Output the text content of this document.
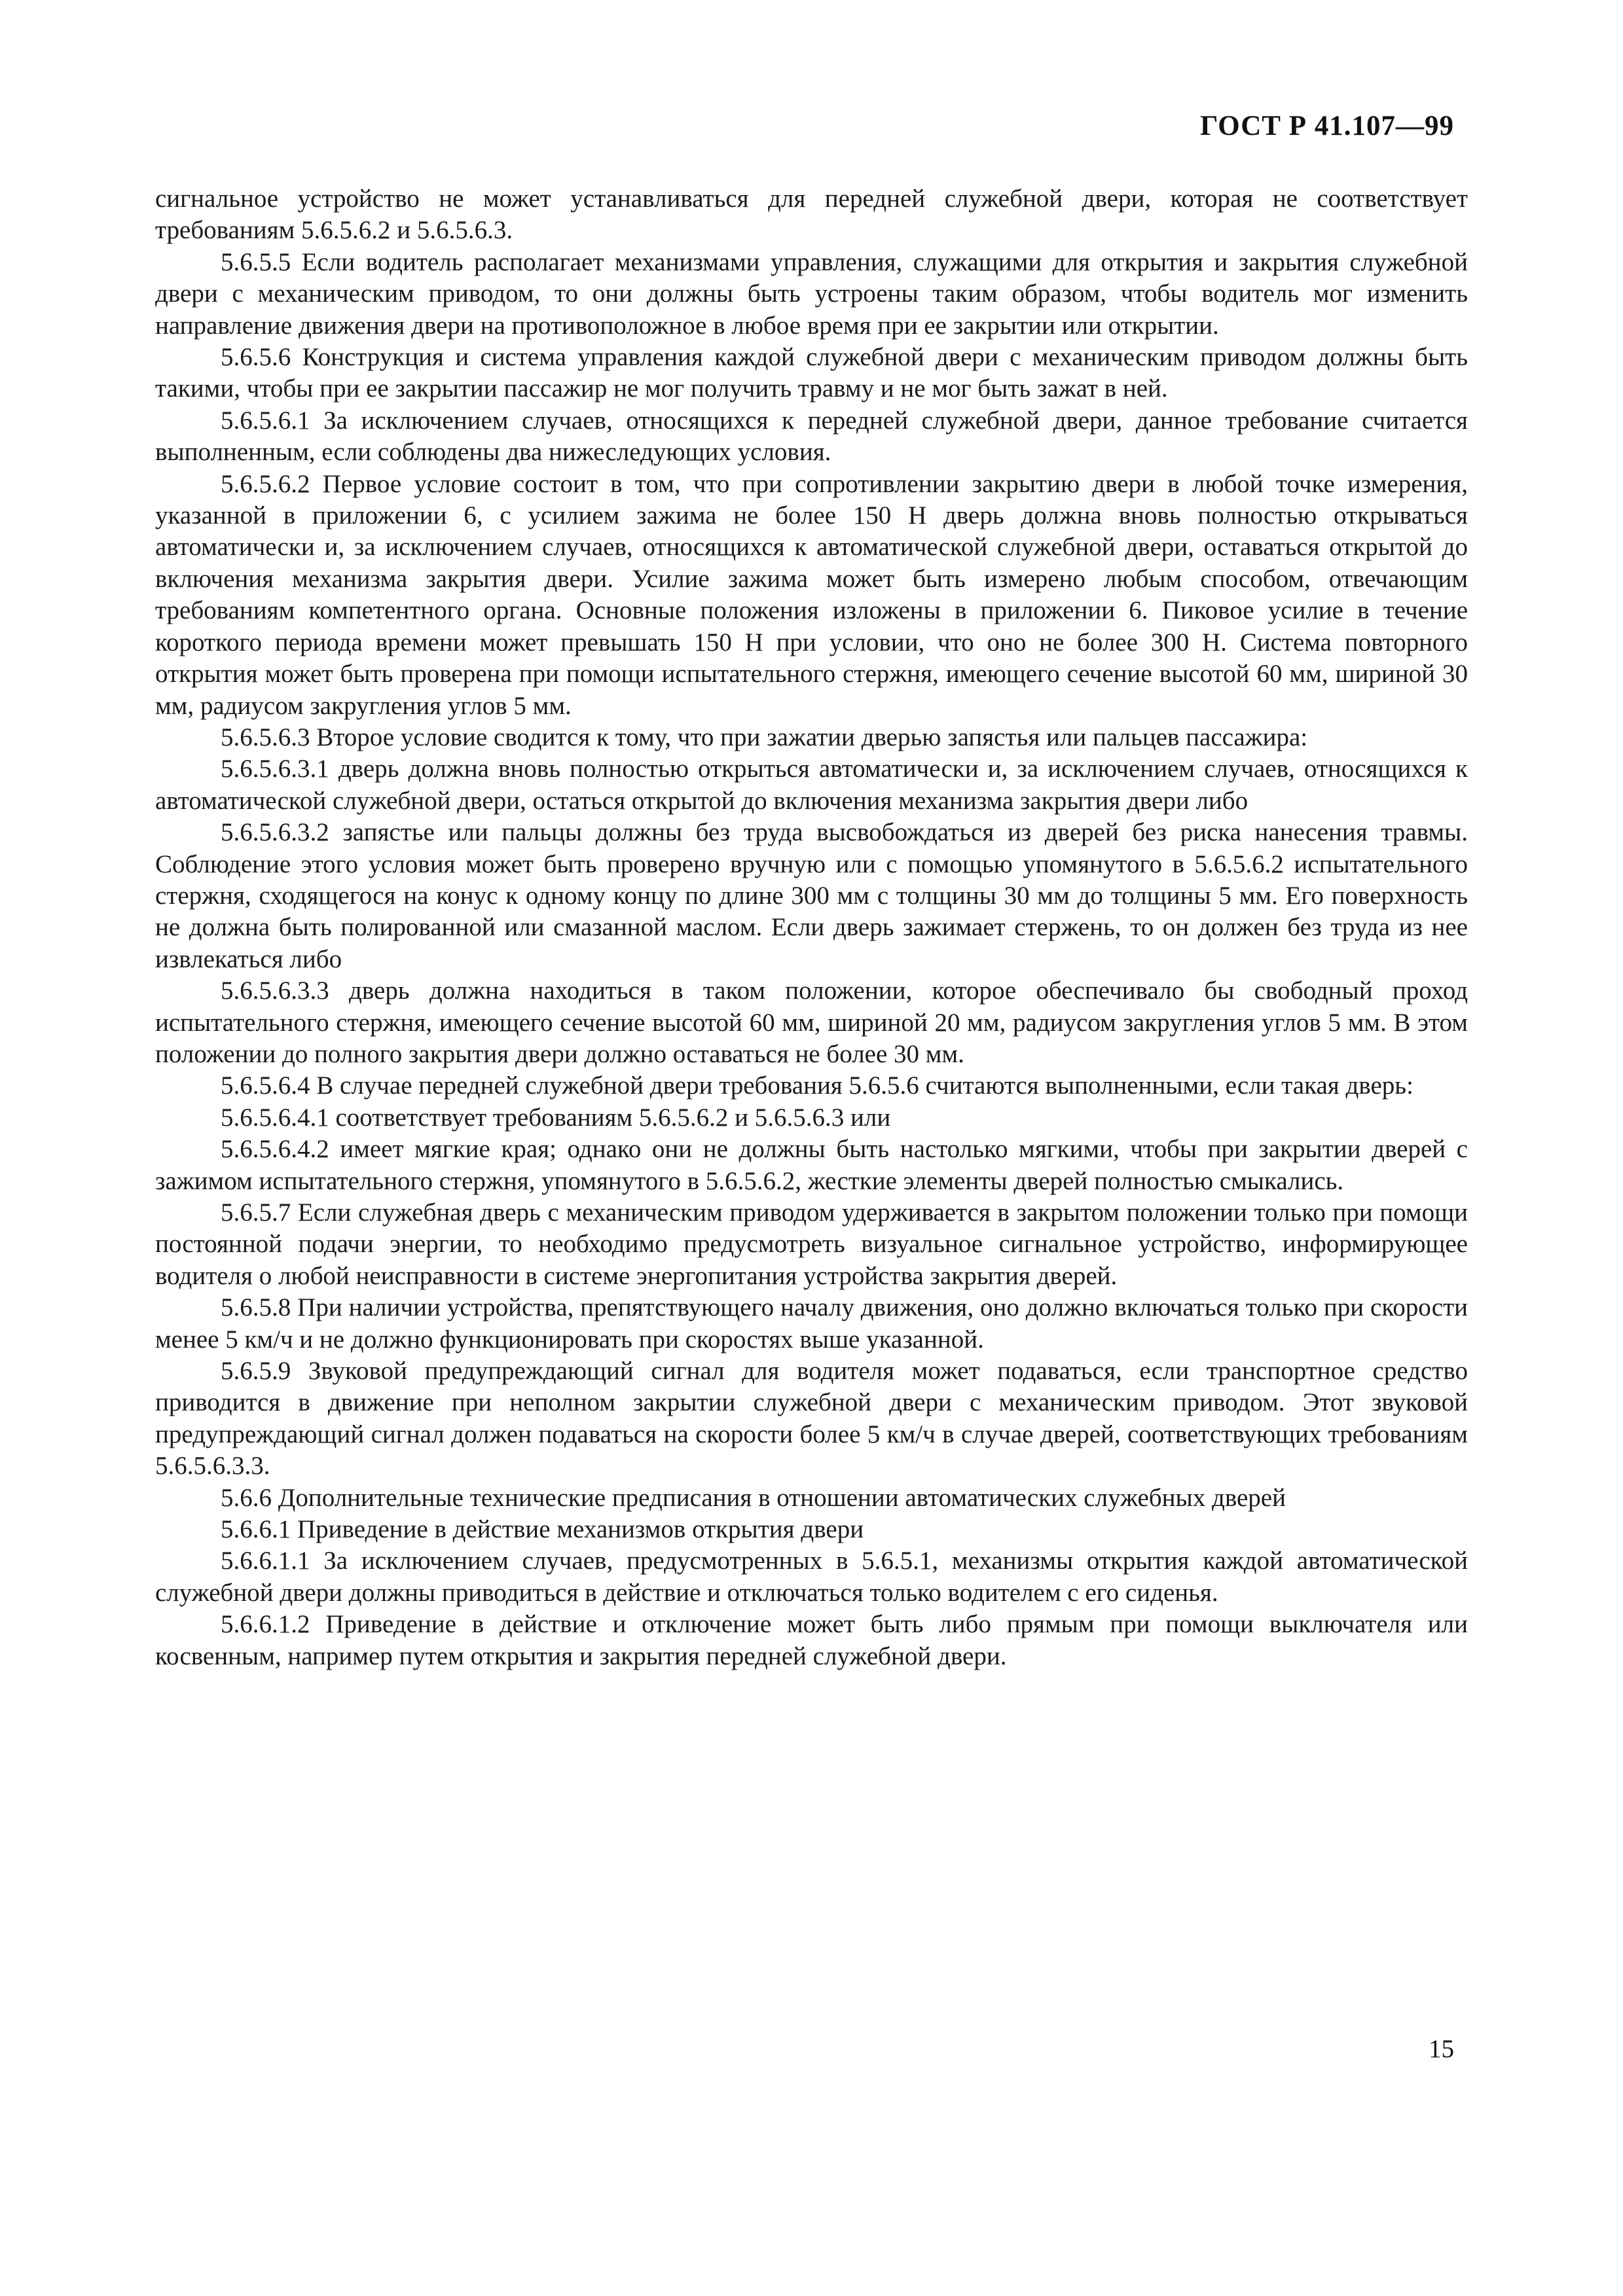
ГОСТ Р 41.107—99

сигнальное устройство не может устанавливаться для передней служебной двери, которая не соответствует требованиям 5.6.5.6.2 и 5.6.5.6.3.

5.6.5.5 Если водитель располагает механизмами управления, служащими для открытия и закрытия служебной двери с механическим приводом, то они должны быть устроены таким образом, чтобы водитель мог изменить направление движения двери на противоположное в любое время при ее закрытии или открытии.

5.6.5.6 Конструкция и система управления каждой служебной двери с механическим приводом должны быть такими, чтобы при ее закрытии пассажир не мог получить травму и не мог быть зажат в ней.

5.6.5.6.1 За исключением случаев, относящихся к передней служебной двери, данное требование считается выполненным, если соблюдены два нижеследующих условия.

5.6.5.6.2 Первое условие состоит в том, что при сопротивлении закрытию двери в любой точке измерения, указанной в приложении 6, с усилием зажима не более 150 Н дверь должна вновь полностью открываться автоматически и, за исключением случаев, относящихся к автоматической служебной двери, оставаться открытой до включения механизма закрытия двери. Усилие зажима может быть измерено любым способом, отвечающим требованиям компетентного органа. Основные положения изложены в приложении 6. Пиковое усилие в течение короткого периода времени может превышать 150 Н при условии, что оно не более 300 Н. Система повторного открытия может быть проверена при помощи испытательного стержня, имеющего сечение высотой 60 мм, шириной 30 мм, радиусом закругления углов 5 мм.

5.6.5.6.3 Второе условие сводится к тому, что при зажатии дверью запястья или пальцев пассажира:

5.6.5.6.3.1 дверь должна вновь полностью открыться автоматически и, за исключением случаев, относящихся к автоматической служебной двери, остаться открытой до включения механизма закрытия двери либо

5.6.5.6.3.2 запястье или пальцы должны без труда высвобождаться из дверей без риска нанесения травмы. Соблюдение этого условия может быть проверено вручную или с помощью упомянутого в 5.6.5.6.2 испытательного стержня, сходящегося на конус к одному концу по длине 300 мм с толщины 30 мм до толщины 5 мм. Его поверхность не должна быть полированной или смазанной маслом. Если дверь зажимает стержень, то он должен без труда из нее извлекаться либо

5.6.5.6.3.3 дверь должна находиться в таком положении, которое обеспечивало бы свободный проход испытательного стержня, имеющего сечение высотой 60 мм, шириной 20 мм, радиусом закругления углов 5 мм. В этом положении до полного закрытия двери должно оставаться не более 30 мм.

5.6.5.6.4 В случае передней служебной двери требования 5.6.5.6 считаются выполненными, если такая дверь:

5.6.5.6.4.1 соответствует требованиям 5.6.5.6.2 и 5.6.5.6.3 или

5.6.5.6.4.2 имеет мягкие края; однако они не должны быть настолько мягкими, чтобы при закрытии дверей с зажимом испытательного стержня, упомянутого в 5.6.5.6.2, жесткие элементы дверей полностью смыкались.

5.6.5.7 Если служебная дверь с механическим приводом удерживается в закрытом положении только при помощи постоянной подачи энергии, то необходимо предусмотреть визуальное сигнальное устройство, информирующее водителя о любой неисправности в системе энергопитания устройства закрытия дверей.

5.6.5.8 При наличии устройства, препятствующего началу движения, оно должно включаться только при скорости менее 5 км/ч и не должно функционировать при скоростях выше указанной.

5.6.5.9 Звуковой предупреждающий сигнал для водителя может подаваться, если транспортное средство приводится в движение при неполном закрытии служебной двери с механическим приводом. Этот звуковой предупреждающий сигнал должен подаваться на скорости более 5 км/ч в случае дверей, соответствующих требованиям 5.6.5.6.3.3.

5.6.6 Дополнительные технические предписания в отношении автоматических служебных дверей

5.6.6.1 Приведение в действие механизмов открытия двери

5.6.6.1.1 За исключением случаев, предусмотренных в 5.6.5.1, механизмы открытия каждой автоматической служебной двери должны приводиться в действие и отключаться только водителем с его сиденья.

5.6.6.1.2 Приведение в действие и отключение может быть либо прямым при помощи выключателя или косвенным, например путем открытия и закрытия передней служебной двери.

15
